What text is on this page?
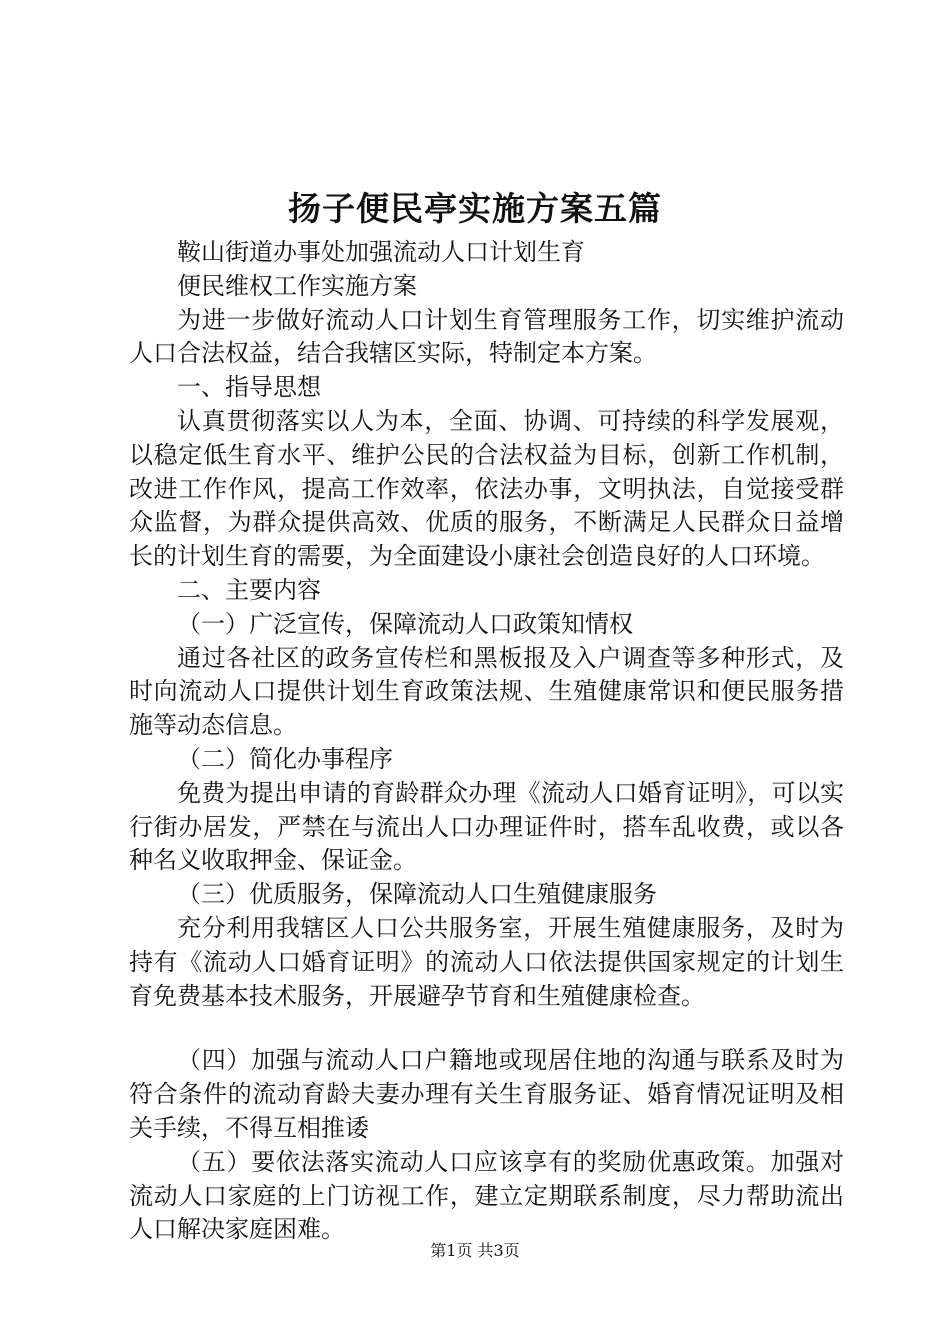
扬子便民亭实施方案五篇

鞍山街道办事处加强流动人口计划生育

便民维权工作实施方案

为进一步做好流动人口计划生育管理服务工作，切实维护流动人口合法权益，结合我辖区实际，特制定本方案。

一、指导思想

认真贯彻落实以人为本，全面、协调、可持续的科学发展观，以稳定低生育水平、维护公民的合法权益为目标，创新工作机制，改进工作作风，提高工作效率，依法办事，文明执法，自觉接受群众监督，为群众提供高效、优质的服务，不断满足人民群众日益增长的计划生育的需要，为全面建设小康社会创造良好的人口环境。

二、主要内容

（一）广泛宣传，保障流动人口政策知情权

通过各社区的政务宣传栏和黑板报及入户调查等多种形式，及时向流动人口提供计划生育政策法规、生殖健康常识和便民服务措施等动态信息。

（二）简化办事程序

免费为提出申请的育龄群众办理《流动人口婚育证明》，可以实行街办居发，严禁在与流出人口办理证件时，搭车乱收费，或以各种名义收取押金、保证金。

（三）优质服务，保障流动人口生殖健康服务

充分利用我辖区人口公共服务室，开展生殖健康服务，及时为持有《流动人口婚育证明》的流动人口依法提供国家规定的计划生育免费基本技术服务，开展避孕节育和生殖健康检查。

（四）加强与流动人口户籍地或现居住地的沟通与联系及时为符合条件的流动育龄夫妻办理有关生育服务证、婚育情况证明及相关手续，不得互相推诿

（五）要依法落实流动人口应该享有的奖励优惠政策。加强对流动人口家庭的上门访视工作，建立定期联系制度，尽力帮助流出人口解决家庭困难。

第1页 共3页
